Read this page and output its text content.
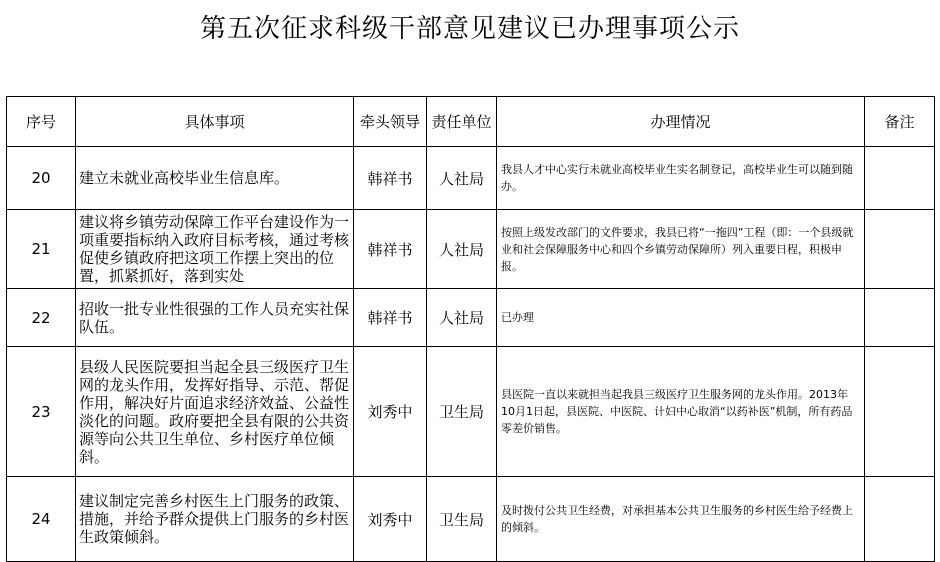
第五次征求科级干部意见建议已办理事项公示
序号	具体事项	牵头领导	责任单位	办理情况	备注
20	建立未就业高校毕业生信息库。	韩祥书	人社局	我县人才中心实行未就业高校毕业生实名制登记，高校毕业生可以随到随办。	
21	建议将乡镇劳动保障工作平台建设作为一项重要指标纳入政府目标考核，通过考核促使乡镇政府把这项工作摆上突出的位置，抓紧抓好，落到实处	韩祥书	人社局	按照上级发改部门的文件要求，我县已将“一拖四”工程（即：一个县级就业和社会保障服务中心和四个乡镇劳动保障所）列入重要日程，积极申报。	
22	招收一批专业性很强的工作人员充实社保队伍。	韩祥书	人社局	已办理	
23	县级人民医院要担当起全县三级医疗卫生网的龙头作用，发挥好指导、示范、帮促作用，解决好片面追求经济效益、公益性淡化的问题。政府要把全县有限的公共资源等向公共卫生单位、乡村医疗单位倾斜。	刘秀中	卫生局	县医院一直以来就担当起我县三级医疗卫生服务网的龙头作用。2013年10月1日起，县医院、中医院、计妇中心取消“以药补医”机制，所有药品零差价销售。	
24	建议制定完善乡村医生上门服务的政策、措施，并给予群众提供上门服务的乡村医生政策倾斜。	刘秀中	卫生局	及时拨付公共卫生经费，对承担基本公共卫生服务的乡村医生给予经费上的倾斜。	
